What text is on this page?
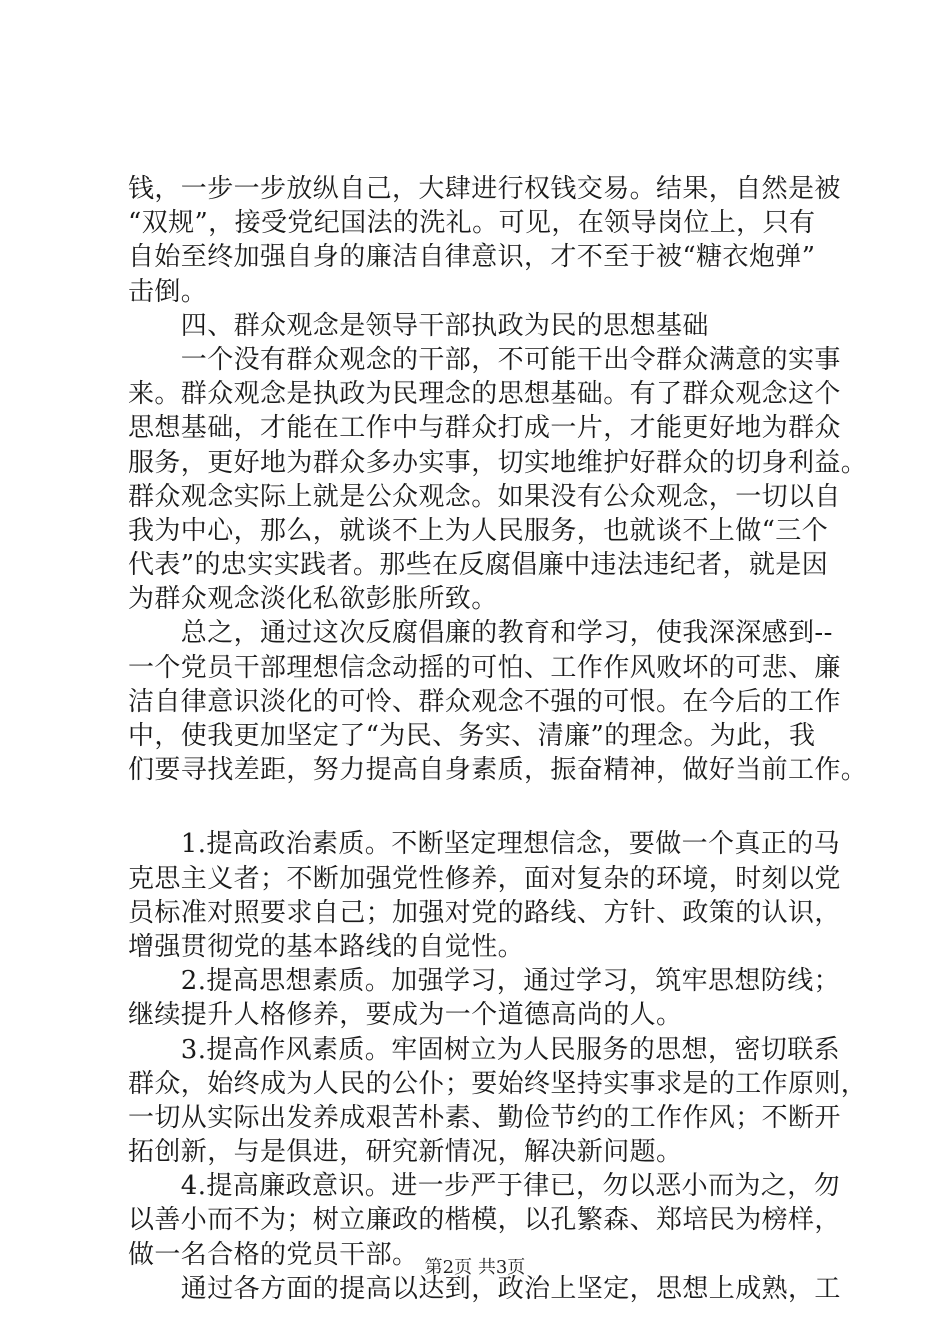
钱，一步一步放纵自己，大肆进行权钱交易。结果，自然是被
“双规”，接受党纪国法的洗礼。可见，在领导岗位上，只有
自始至终加强自身的廉洁自律意识，才不至于被“糖衣炮弹”
击倒。
　　四、群众观念是领导干部执政为民的思想基础
　　一个没有群众观念的干部，不可能干出令群众满意的实事
来。群众观念是执政为民理念的思想基础。有了群众观念这个
思想基础，才能在工作中与群众打成一片，才能更好地为群众
服务，更好地为群众多办实事，切实地维护好群众的切身利益。
群众观念实际上就是公众观念。如果没有公众观念，一切以自
我为中心，那么，就谈不上为人民服务，也就谈不上做“三个
代表”的忠实实践者。那些在反腐倡廉中违法违纪者，就是因
为群众观念淡化私欲彭胀所致。
　　总之，通过这次反腐倡廉的教育和学习，使我深深感到--
一个党员干部理想信念动摇的可怕、工作作风败坏的可悲、廉
洁自律意识淡化的可怜、群众观念不强的可恨。在今后的工作
中，使我更加坚定了“为民、务实、清廉”的理念。为此，我
们要寻找差距，努力提高自身素质，振奋精神，做好当前工作。
　　1.提高政治素质。不断坚定理想信念，要做一个真正的马
克思主义者；不断加强党性修养，面对复杂的环境，时刻以党
员标准对照要求自己；加强对党的路线、方针、政策的认识，
增强贯彻党的基本路线的自觉性。
　　2.提高思想素质。加强学习，通过学习，筑牢思想防线；
继续提升人格修养，要成为一个道德高尚的人。
　　3.提高作风素质。牢固树立为人民服务的思想，密切联系
群众，始终成为人民的公仆；要始终坚持实事求是的工作原则，
一切从实际出发养成艰苦朴素、勤俭节约的工作作风；不断开
拓创新，与是俱进，研究新情况，解决新问题。
　　4.提高廉政意识。进一步严于律已，勿以恶小而为之，勿
以善小而不为；树立廉政的楷模，以孔繁森、郑培民为榜样，
做一名合格的党员干部。
　　通过各方面的提高以达到，政治上坚定，思想上成熟，工
第2页 共3页
